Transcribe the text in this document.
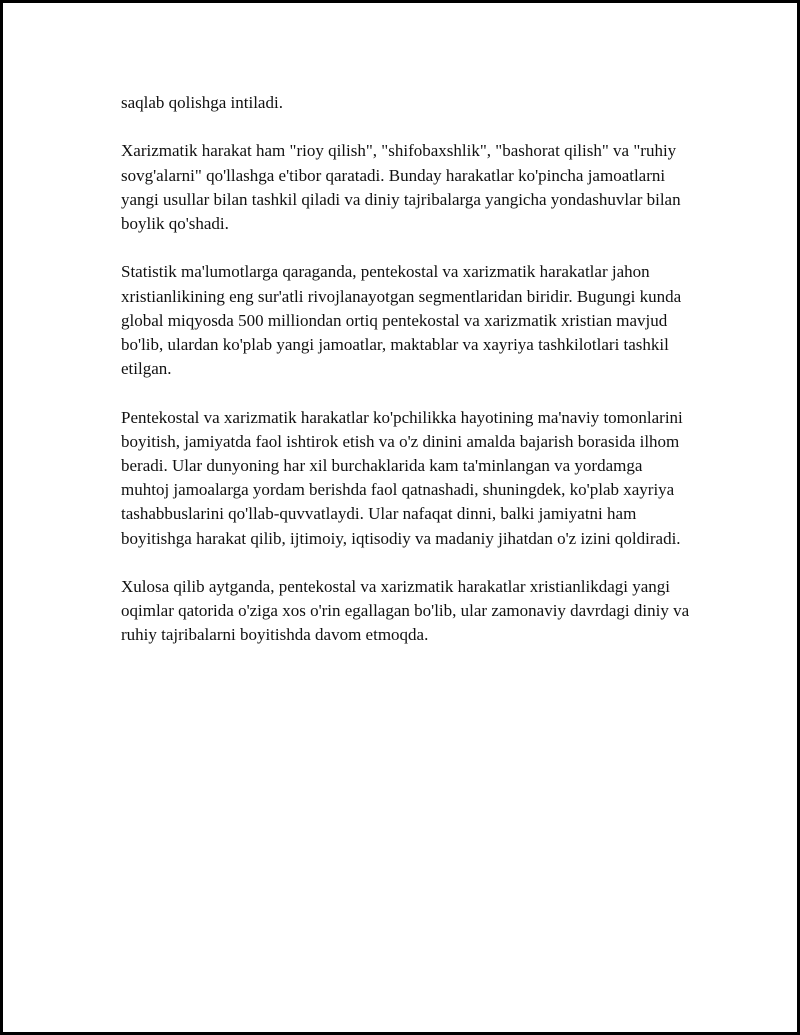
saqlab qolishga intiladi.

Xarizmatik harakat ham "rioy qilish", "shifobaxshlik", "bashorat qilish" va "ruhiy sovg'alarni" qo'llashga e'tibor qaratadi. Bunday harakatlar ko'pincha jamoatlarni yangi usullar bilan tashkil qiladi va diniy tajribalarga yangicha yondashuvlar bilan boylik qo'shadi.

Statistik ma'lumotlarga qaraganda, pentekostal va xarizmatik harakatlar jahon xristianlikining eng sur'atli rivojlanayotgan segmentlaridan biridir. Bugungi kunda global miqyosda 500 milliondan ortiq pentekostal va xarizmatik xristian mavjud bo'lib, ulardan ko'plab yangi jamoatlar, maktablar va xayriya tashkilotlari tashkil etilgan.

Pentekostal va xarizmatik harakatlar ko'pchilikka hayotining ma'naviy tomonlarini boyitish, jamiyatda faol ishtirok etish va o'z dinini amalda bajarish borasida ilhom beradi. Ular dunyoning har xil burchaklarida kam ta'minlangan va yordamga muhtoj jamoalarga yordam berishda faol qatnashadi, shuningdek, ko'plab xayriya tashabbuslarini qo'llab-quvvatlaydi. Ular nafaqat dinni, balki jamiyatni ham boyitishga harakat qilib, ijtimoiy, iqtisodiy va madaniy jihatdan o'z izini qoldiradi.

Xulosa qilib aytganda, pentekostal va xarizmatik harakatlar xristianlikdagi yangi oqimlar qatorida o'ziga xos o'rin egallagan bo'lib, ular zamonaviy davrdagi diniy va ruhiy tajribalarni boyitishda davom etmoqda.
